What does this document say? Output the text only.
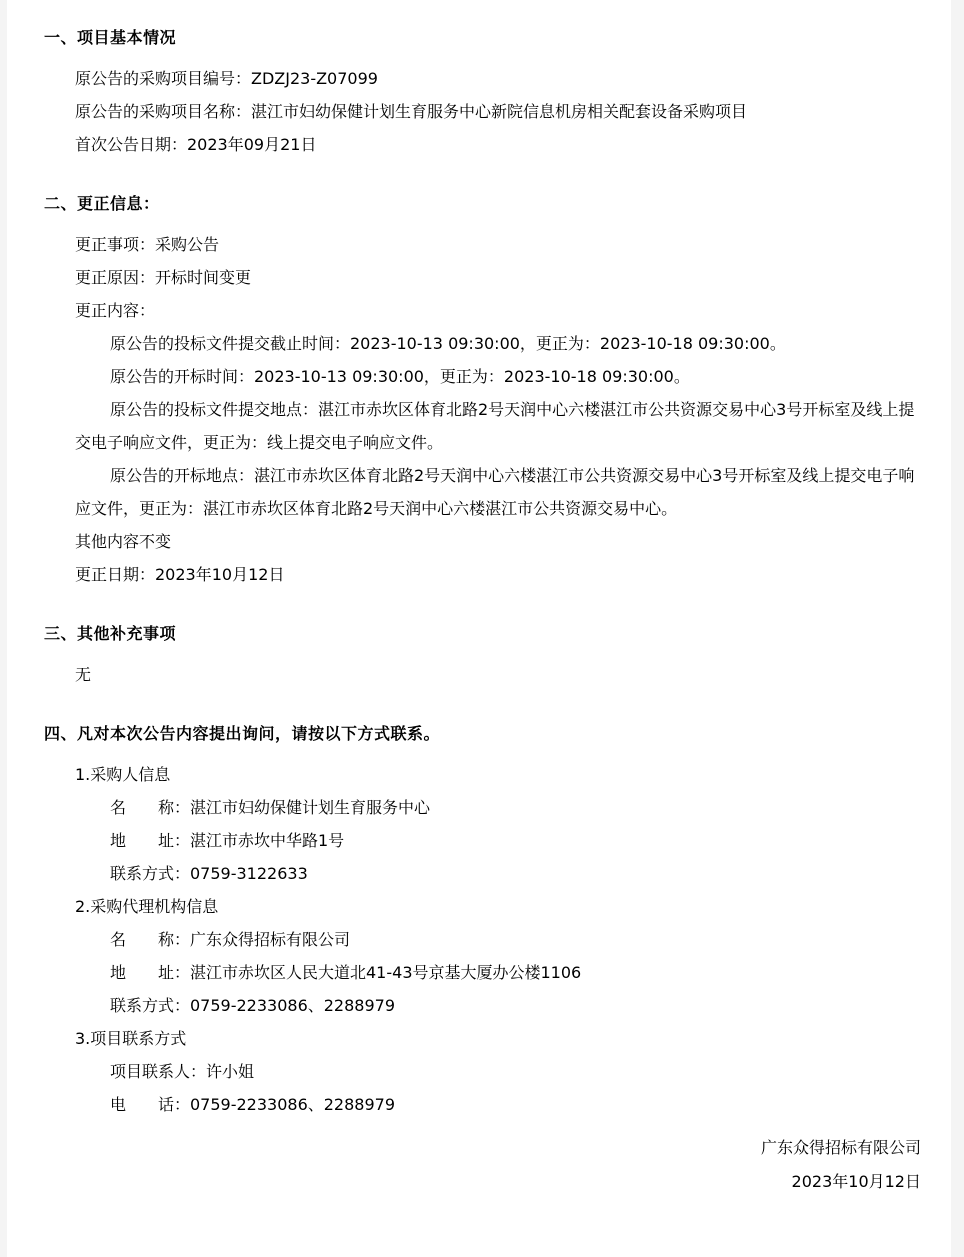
一、项目基本情况

原公告的采购项目编号：ZDZJ23-Z07099

原公告的采购项目名称：湛江市妇幼保健计划生育服务中心新院信息机房相关配套设备采购项目

首次公告日期：2023年09月21日

二、更正信息：

更正事项：采购公告

更正原因：开标时间变更

更正内容：

原公告的投标文件提交截止时间：2023-10-13 09:30:00，更正为：2023-10-18 09:30:00。

原公告的开标时间：2023-10-13 09:30:00，更正为：2023-10-18 09:30:00。

原公告的投标文件提交地点：湛江市赤坎区体育北路2号天润中心六楼湛江市公共资源交易中心3号开标室及线上提交电子响应文件，更正为：线上提交电子响应文件。

原公告的开标地点：湛江市赤坎区体育北路2号天润中心六楼湛江市公共资源交易中心3号开标室及线上提交电子响应文件，更正为：湛江市赤坎区体育北路2号天润中心六楼湛江市公共资源交易中心。

其他内容不变

更正日期：2023年10月12日

三、其他补充事项

无

四、凡对本次公告内容提出询问，请按以下方式联系。

1.采购人信息

名　　称：湛江市妇幼保健计划生育服务中心

地　　址：湛江市赤坎中华路1号

联系方式：0759-3122633

2.采购代理机构信息

名　　称：广东众得招标有限公司

地　　址：湛江市赤坎区人民大道北41-43号京基大厦办公楼1106

联系方式：0759-2233086、2288979

3.项目联系方式

项目联系人：许小姐

电　　话：0759-2233086、2288979

广东众得招标有限公司

2023年10月12日
